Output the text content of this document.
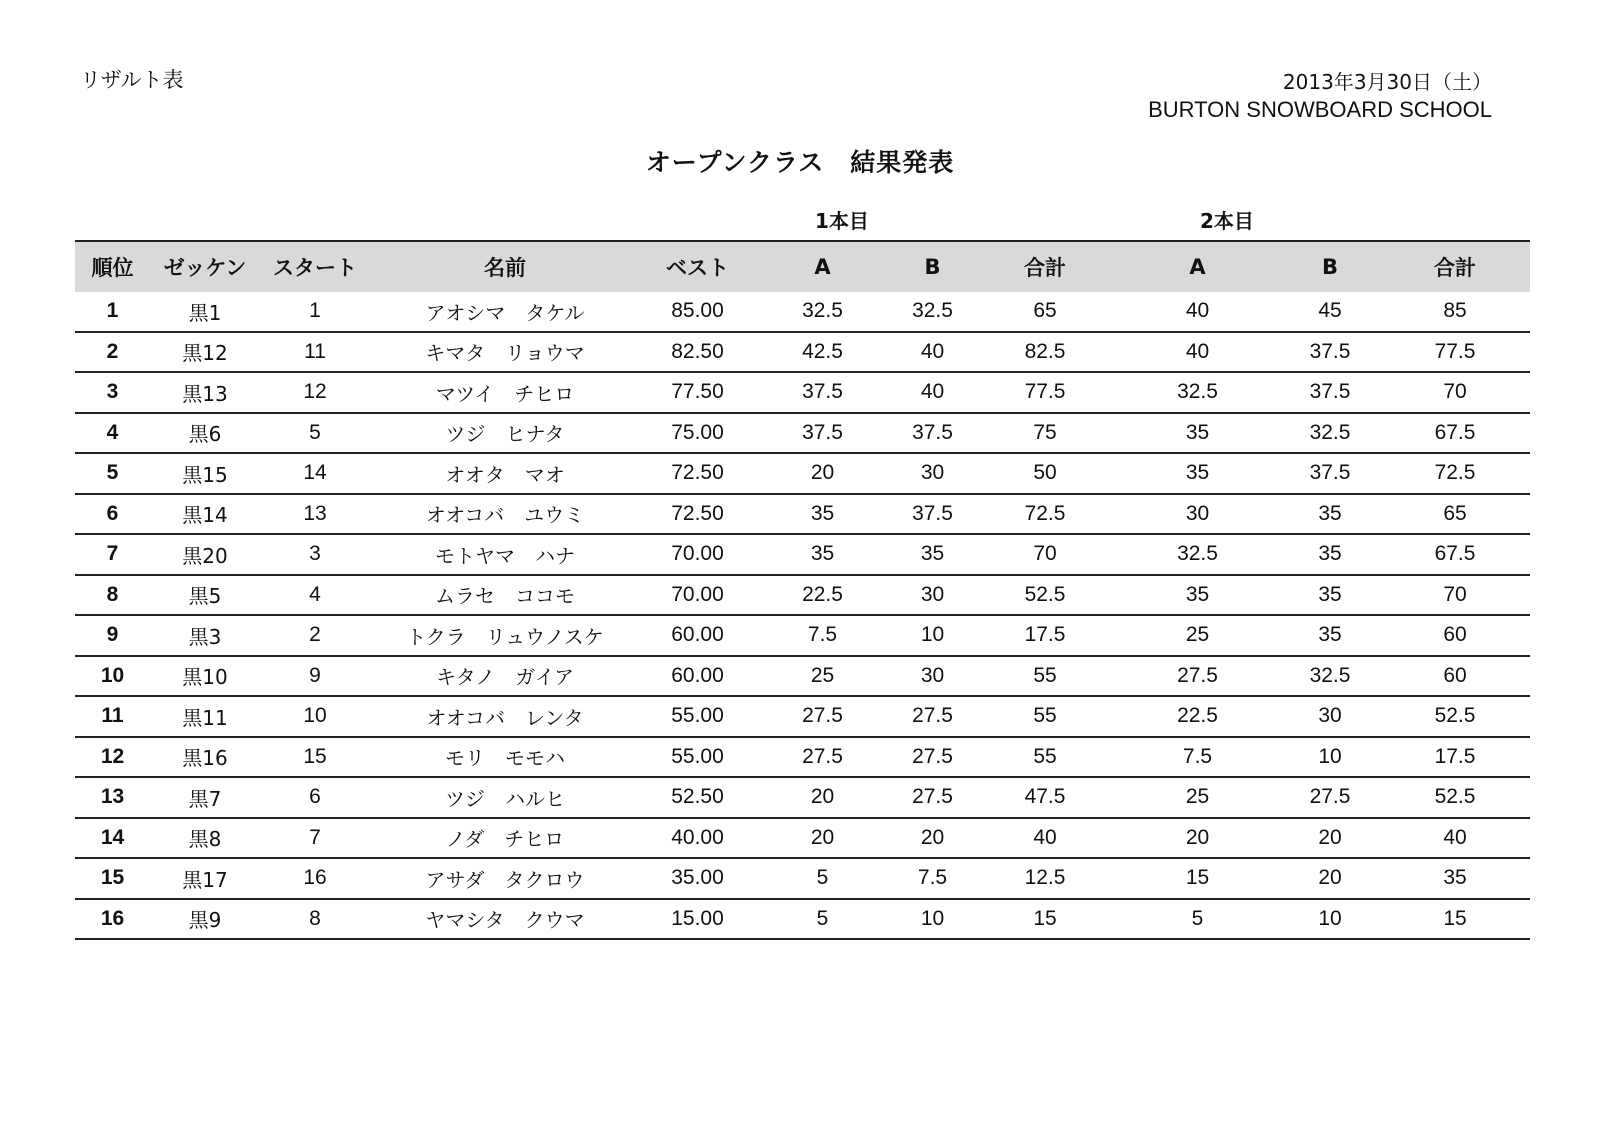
リザルト表	2013年3月30日（土）
BURTON SNOWBOARD SCHOOL
オープンクラス　結果発表
1本目	2本目
順位	ゼッケン	スタート	名前	ベスト	A	B	合計	A	B	合計
1	黒1	1	アオシマ　タケル	85.00	32.5	32.5	65	40	45	85
2	黒12	11	キマタ　リョウマ	82.50	42.5	40	82.5	40	37.5	77.5
3	黒13	12	マツイ　チヒロ	77.50	37.5	40	77.5	32.5	37.5	70
4	黒6	5	ツジ　ヒナタ	75.00	37.5	37.5	75	35	32.5	67.5
5	黒15	14	オオタ　マオ	72.50	20	30	50	35	37.5	72.5
6	黒14	13	オオコバ　ユウミ	72.50	35	37.5	72.5	30	35	65
7	黒20	3	モトヤマ　ハナ	70.00	35	35	70	32.5	35	67.5
8	黒5	4	ムラセ　ココモ	70.00	22.5	30	52.5	35	35	70
9	黒3	2	トクラ　リュウノスケ	60.00	7.5	10	17.5	25	35	60
10	黒10	9	キタノ　ガイア	60.00	25	30	55	27.5	32.5	60
11	黒11	10	オオコバ　レンタ	55.00	27.5	27.5	55	22.5	30	52.5
12	黒16	15	モリ　モモハ	55.00	27.5	27.5	55	7.5	10	17.5
13	黒7	6	ツジ　ハルヒ	52.50	20	27.5	47.5	25	27.5	52.5
14	黒8	7	ノダ　チヒロ	40.00	20	20	40	20	20	40
15	黒17	16	アサダ　タクロウ	35.00	5	7.5	12.5	15	20	35
16	黒9	8	ヤマシタ　クウマ	15.00	5	10	15	5	10	15
